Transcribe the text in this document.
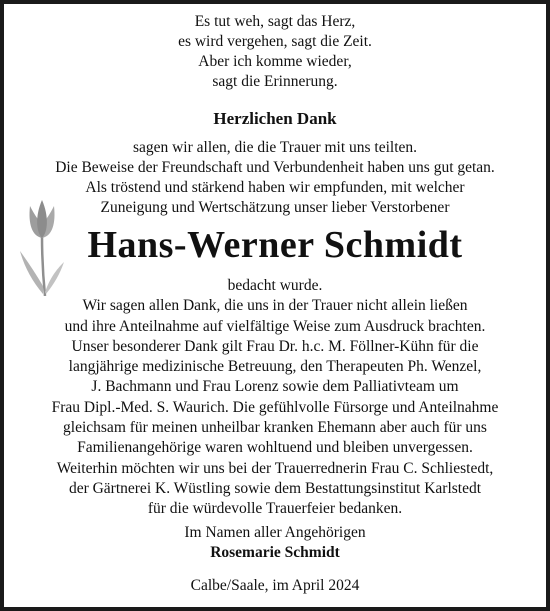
Es tut weh, sagt das Herz,
es wird vergehen, sagt die Zeit.
Aber ich komme wieder,
sagt die Erinnerung.
Herzlichen Dank
sagen wir allen, die die Trauer mit uns teilten.
Die Beweise der Freundschaft und Verbundenheit haben uns gut getan.
Als tröstend und stärkend haben wir empfunden, mit welcher
Zuneigung und Wertschätzung unser lieber Verstorbener
Hans-Werner Schmidt
bedacht wurde.
Wir sagen allen Dank, die uns in der Trauer nicht allein ließen
und ihre Anteilnahme auf vielfältige Weise zum Ausdruck brachten.
Unser besonderer Dank gilt Frau Dr. h.c. M. Föllner-Kühn für die
langjährige medizinische Betreuung, den Therapeuten Ph. Wenzel,
J. Bachmann und Frau Lorenz sowie dem Palliativteam um
Frau Dipl.-Med. S. Waurich. Die gefühlvolle Fürsorge und Anteilnahme
gleichsam für meinen unheilbar kranken Ehemann aber auch für uns
Familienangehörige waren wohltuend und bleiben unvergessen.
Weiterhin möchten wir uns bei der Trauerrednerin Frau C. Schliestedt,
der Gärtnerei K. Wüstling sowie dem Bestattungsinstitut Karlstedt
für die würdevolle Trauerfeier bedanken.
Im Namen aller Angehörigen
Rosemarie Schmidt
Calbe/Saale, im April 2024
